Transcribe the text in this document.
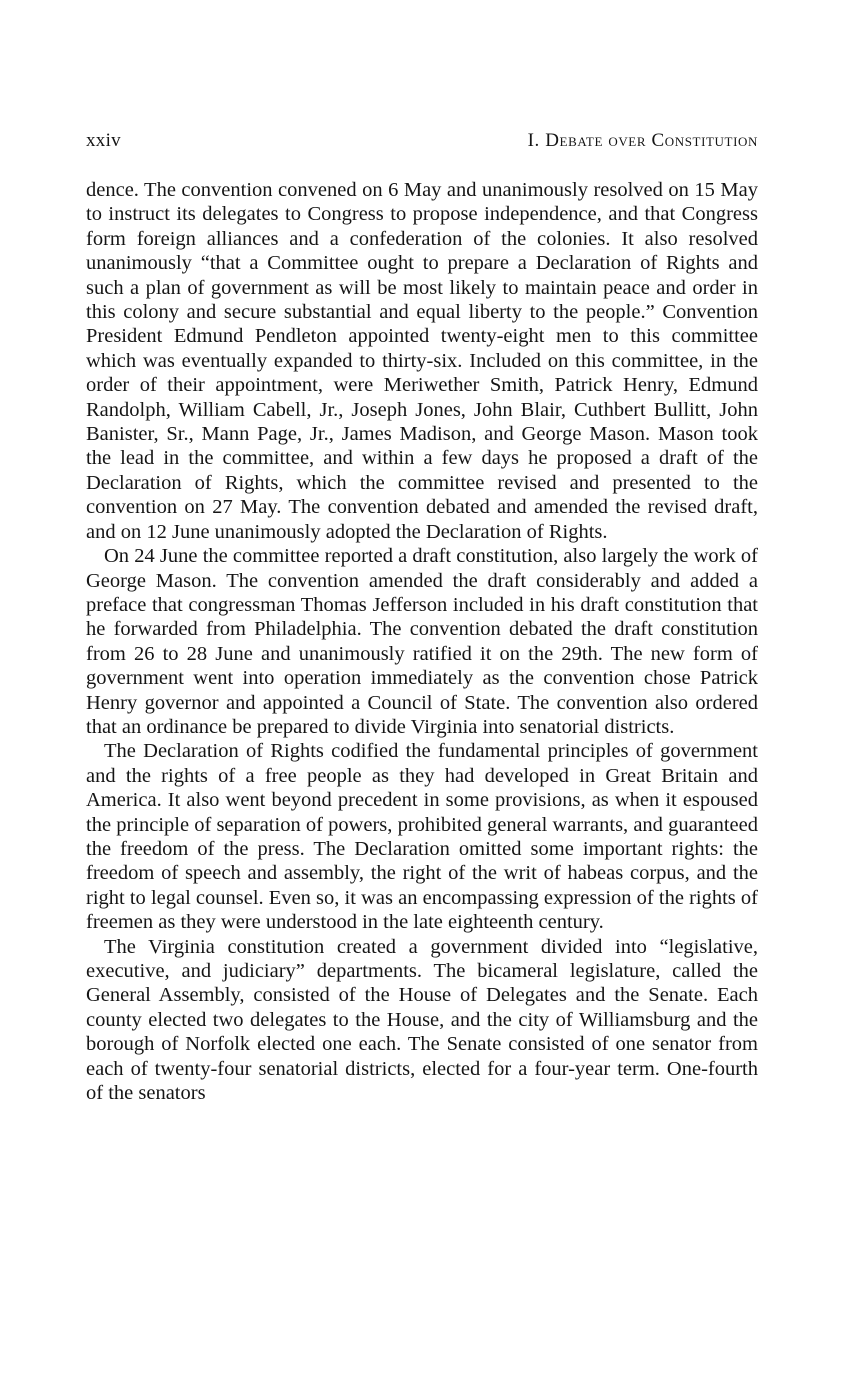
xxiv	I. Debate over Constitution

dence. The convention convened on 6 May and unanimously resolved on 15 May to instruct its delegates to Congress to propose independence, and that Congress form foreign alliances and a confederation of the colonies. It also resolved unanimously “that a Committee ought to prepare a Declaration of Rights and such a plan of government as will be most likely to maintain peace and order in this colony and secure substantial and equal liberty to the people.” Convention President Edmund Pendleton appointed twenty-eight men to this committee which was eventually expanded to thirty-six. Included on this committee, in the order of their appointment, were Meriwether Smith, Patrick Henry, Edmund Randolph, William Cabell, Jr., Joseph Jones, John Blair, Cuthbert Bullitt, John Banister, Sr., Mann Page, Jr., James Madison, and George Mason. Mason took the lead in the committee, and within a few days he proposed a draft of the Declaration of Rights, which the committee revised and presented to the convention on 27 May. The convention debated and amended the revised draft, and on 12 June unanimously adopted the Declaration of Rights.

On 24 June the committee reported a draft constitution, also largely the work of George Mason. The convention amended the draft considerably and added a preface that congressman Thomas Jefferson included in his draft constitution that he forwarded from Philadelphia. The convention debated the draft constitution from 26 to 28 June and unanimously ratified it on the 29th. The new form of government went into operation immediately as the convention chose Patrick Henry governor and appointed a Council of State. The convention also ordered that an ordinance be prepared to divide Virginia into senatorial districts.

The Declaration of Rights codified the fundamental principles of government and the rights of a free people as they had developed in Great Britain and America. It also went beyond precedent in some provisions, as when it espoused the principle of separation of powers, prohibited general warrants, and guaranteed the freedom of the press. The Declaration omitted some important rights: the freedom of speech and assembly, the right of the writ of habeas corpus, and the right to legal counsel. Even so, it was an encompassing expression of the rights of freemen as they were understood in the late eighteenth century.

The Virginia constitution created a government divided into “legislative, executive, and judiciary” departments. The bicameral legislature, called the General Assembly, consisted of the House of Delegates and the Senate. Each county elected two delegates to the House, and the city of Williamsburg and the borough of Norfolk elected one each. The Senate consisted of one senator from each of twenty-four senatorial districts, elected for a four-year term. One-fourth of the senators
